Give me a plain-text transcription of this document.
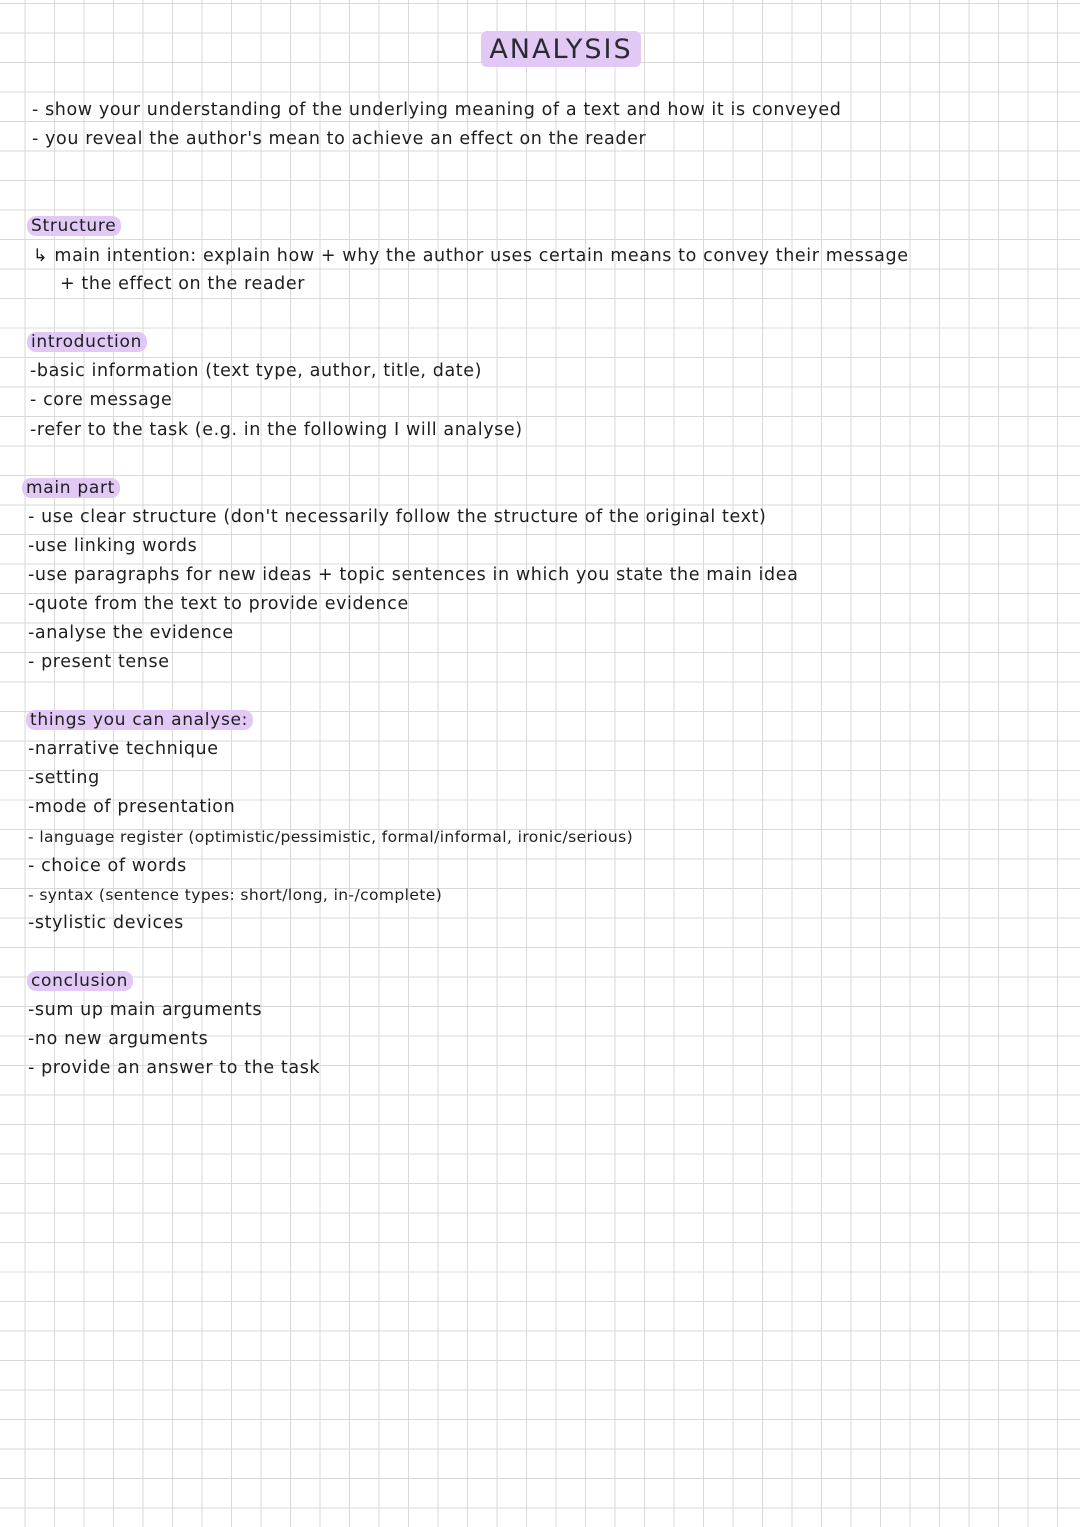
ANALYSIS
- show your understanding of the underlying meaning of a text and how it is conveyed
- you reveal the author's mean to achieve an effect on the reader
Structure
↳ main intention: explain how + why the author uses certain means to convey their message
+ the effect on the reader
introduction
-basic information (text type, author, title, date)
- core message
-refer to the task (e.g. in the following I will analyse)
main part
- use clear structure (don't necessarily follow the structure of the original text)
-use linking words
-use paragraphs for new ideas + topic sentences in which you state the main idea
-quote from the text to provide evidence
-analyse the evidence
- present tense
things you can analyse:
-narrative technique
-setting
-mode of presentation
- language register (optimistic/pessimistic, formal/informal, ironic/serious)
- choice of words
- syntax (sentence types: short/long, in-/complete)
-stylistic devices
conclusion
-sum up main arguments
-no new arguments
- provide an answer to the task
